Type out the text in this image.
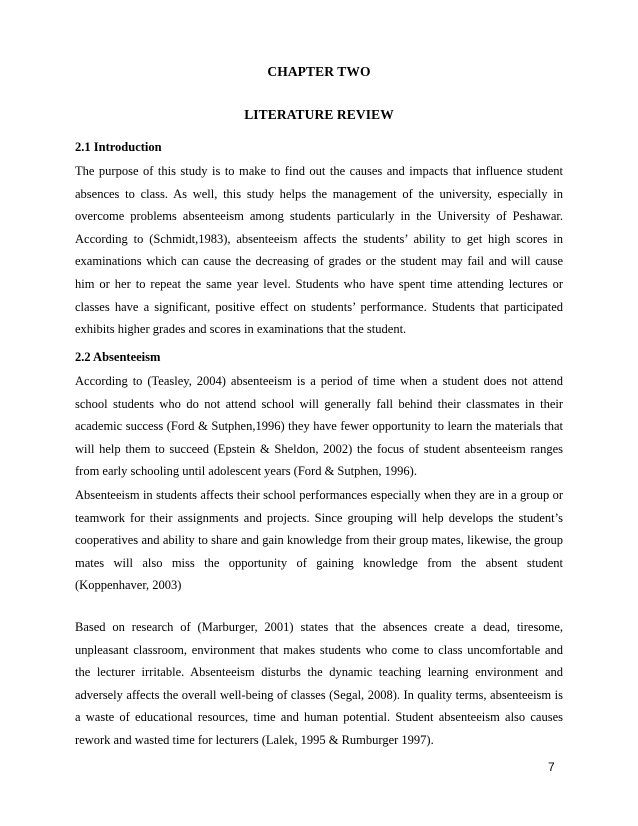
CHAPTER TWO
LITERATURE REVIEW
2.1 Introduction

The purpose of this study is to make to find out the causes and impacts that influence student absences to class. As well, this study helps the management of the university, especially in overcome problems absenteeism among students particularly in the University of Peshawar. According to (Schmidt,1983), absenteeism affects the students’ ability to get high scores in examinations which can cause the decreasing of grades or the student may fail and will cause him or her to repeat the same year level. Students who have spent time attending lectures or classes have a significant, positive effect on students’ performance. Students that participated exhibits higher grades and scores in examinations that the student.

2.2 Absenteeism

According to (Teasley, 2004) absenteeism is a period of time when a student does not attend school students who do not attend school will generally fall behind their classmates in their academic success (Ford & Sutphen,1996) they have fewer opportunity to learn the materials that will help them to succeed (Epstein & Sheldon, 2002) the focus of student absenteeism ranges from early schooling until adolescent years (Ford & Sutphen, 1996).

Absenteeism in students affects their school performances especially when they are in a group or teamwork for their assignments and projects. Since grouping will help develops the student’s cooperatives and ability to share and gain knowledge from their group mates, likewise, the group mates will also miss the opportunity of gaining knowledge from the absent student (Koppenhaver, 2003)

Based on research of (Marburger, 2001) states that the absences create a dead, tiresome, unpleasant classroom, environment that makes students who come to class uncomfortable and the lecturer irritable. Absenteeism disturbs the dynamic teaching learning environment and adversely affects the overall well-being of classes (Segal, 2008). In quality terms, absenteeism is a waste of educational resources, time and human potential. Student absenteeism also causes rework and wasted time for lecturers (Lalek, 1995 & Rumburger 1997).

7
